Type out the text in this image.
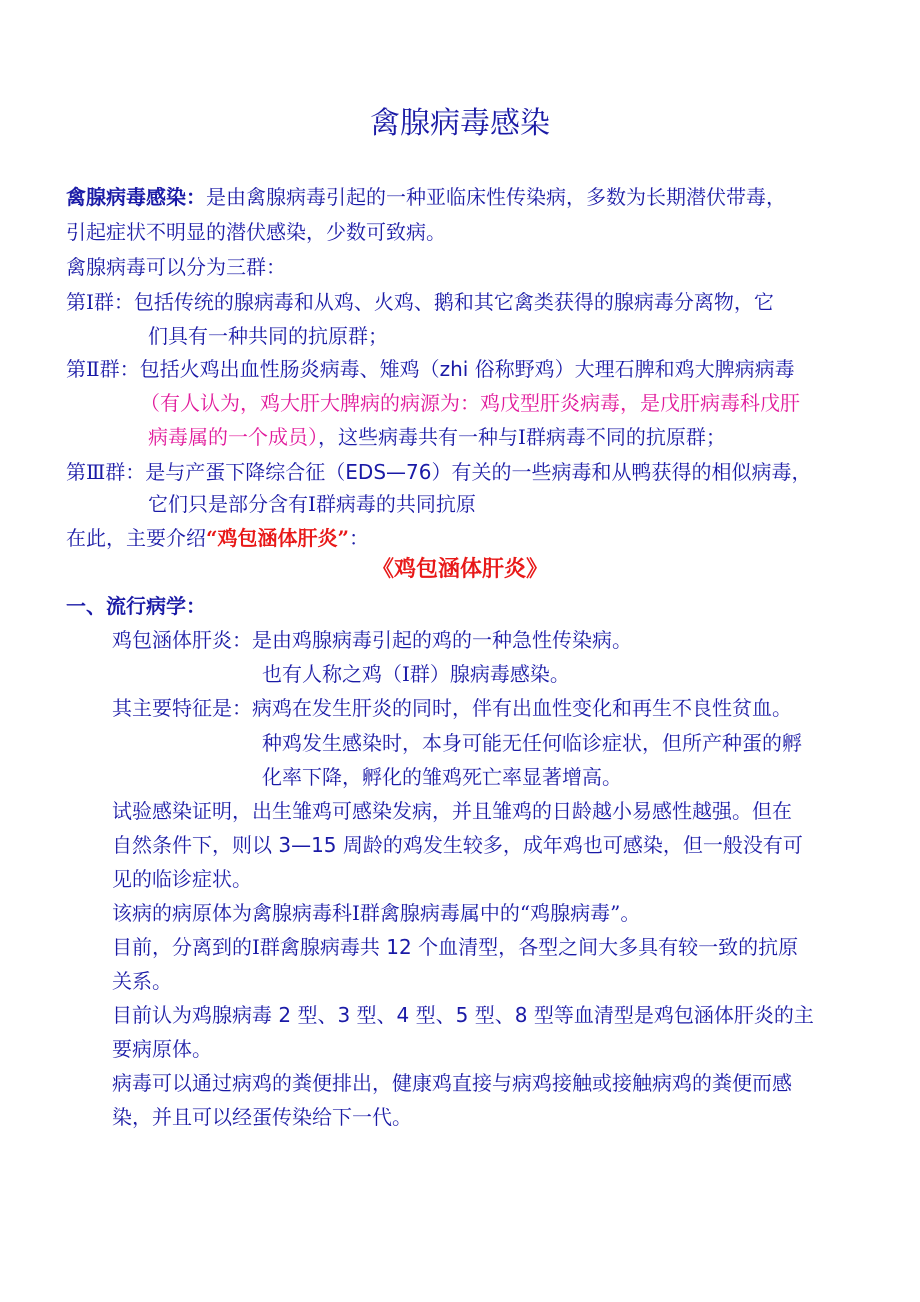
禽腺病毒感染
禽腺病毒感染：是由禽腺病毒引起的一种亚临床性传染病，多数为长期潜伏带毒，
引起症状不明显的潜伏感染，少数可致病。
禽腺病毒可以分为三群：
第Ⅰ群：包括传统的腺病毒和从鸡、火鸡、鹅和其它禽类获得的腺病毒分离物，它
们具有一种共同的抗原群；
第Ⅱ群：包括火鸡出血性肠炎病毒、雉鸡（zhi 俗称野鸡）大理石脾和鸡大脾病病毒
（有人认为，鸡大肝大脾病的病源为：鸡戊型肝炎病毒，是戊肝病毒科戊肝
病毒属的一个成员），这些病毒共有一种与Ⅰ群病毒不同的抗原群；
第Ⅲ群：是与产蛋下降综合征（EDS—76）有关的一些病毒和从鸭获得的相似病毒，
它们只是部分含有Ⅰ群病毒的共同抗原
在此，主要介绍“鸡包涵体肝炎”：
《鸡包涵体肝炎》
一、流行病学：
鸡包涵体肝炎：是由鸡腺病毒引起的鸡的一种急性传染病。
也有人称之鸡（Ⅰ群）腺病毒感染。
其主要特征是：病鸡在发生肝炎的同时，伴有出血性变化和再生不良性贫血。
种鸡发生感染时，本身可能无任何临诊症状，但所产种蛋的孵
化率下降，孵化的雏鸡死亡率显著增高。
试验感染证明，出生雏鸡可感染发病，并且雏鸡的日龄越小易感性越强。但在
自然条件下，则以 3—15 周龄的鸡发生较多，成年鸡也可感染，但一般没有可
见的临诊症状。
该病的病原体为禽腺病毒科Ⅰ群禽腺病毒属中的“鸡腺病毒”。
目前，分离到的Ⅰ群禽腺病毒共 12 个血清型，各型之间大多具有较一致的抗原
关系。
目前认为鸡腺病毒 2 型、3 型、4 型、5 型、8 型等血清型是鸡包涵体肝炎的主
要病原体。
病毒可以通过病鸡的粪便排出，健康鸡直接与病鸡接触或接触病鸡的粪便而感
染，并且可以经蛋传染给下一代。
